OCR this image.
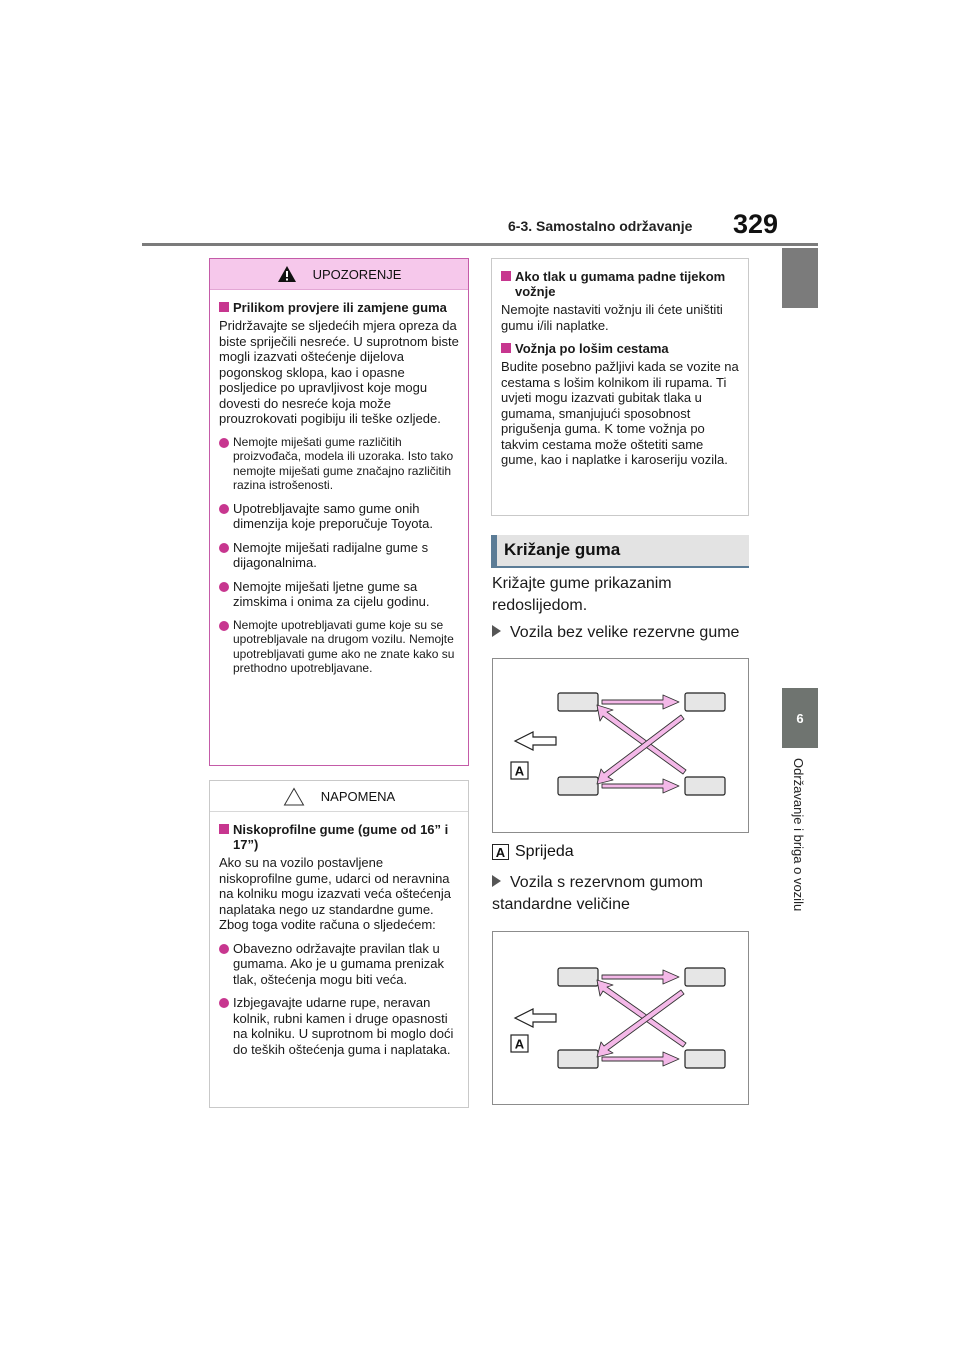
6-3. Samostalno održavanje 329
6
Održavanje i briga o vozilu
UPOZORENJE
Prilikom provjere ili zamjene guma

Pridržavajte se sljedećih mjera opreza da biste spriječili nesreće. U suprotnom biste mogli izazvati oštećenje dijelova pogonskog sklopa, kao i opasne posljedice po upravljivost koje mogu dovesti do nesreće koja može prouzrokovati pogibiju ili teške ozljede.

Nemojte miješati gume različitih proizvođača, modela ili uzoraka. Isto tako nemojte miješati gume značajno različitih razina istrošenosti.
Upotrebljavajte samo gume onih dimenzija koje preporučuje Toyota.
Nemojte miješati radijalne gume s dijagonalnima.
Nemojte miješati ljetne gume sa zimskima i onima za cijelu godinu.
Nemojte upotrebljavati gume koje su se upotrebljavale na drugom vozilu. Nemojte upotrebljavati gume ako ne znate kako su prethodno upotrebljavane.
NAPOMENA
Niskoprofilne gume (gume od 16” i 17”)

Ako su na vozilo postavljene niskoprofilne gume, udarci od neravnina na kolniku mogu izazvati veća oštećenja naplataka nego uz standardne gume. Zbog toga vodite računa o sljedećem:

Obavezno održavajte pravilan tlak u gumama. Ako je u gumama prenizak tlak, oštećenja mogu biti veća.
Izbjegavajte udarne rupe, neravan kolnik, rubni kamen i druge opasnosti na kolniku. U suprotnom bi moglo doći do teških oštećenja guma i naplataka.
Ako tlak u gumama padne tijekom vožnje

Nemojte nastaviti vožnju ili ćete uništiti gumu i/ili naplatke.

Vožnja po lošim cestama

Budite posebno pažljivi kada se vozite na cestama s lošim kolnikom ili rupama. Ti uvjeti mogu izazvati gubitak tlaka u gumama, smanjujući sposobnost prigušenja guma. K tome vožnja po takvim cestama može oštetiti same gume, kao i naplatke i karoseriju vozila.

Križanje guma
Križajte gume prikazanim redoslijedom.
Vozila bez velike rezervne gume
A
A Sprijeda
Vozila s rezervnom gumom standardne veličine
A
